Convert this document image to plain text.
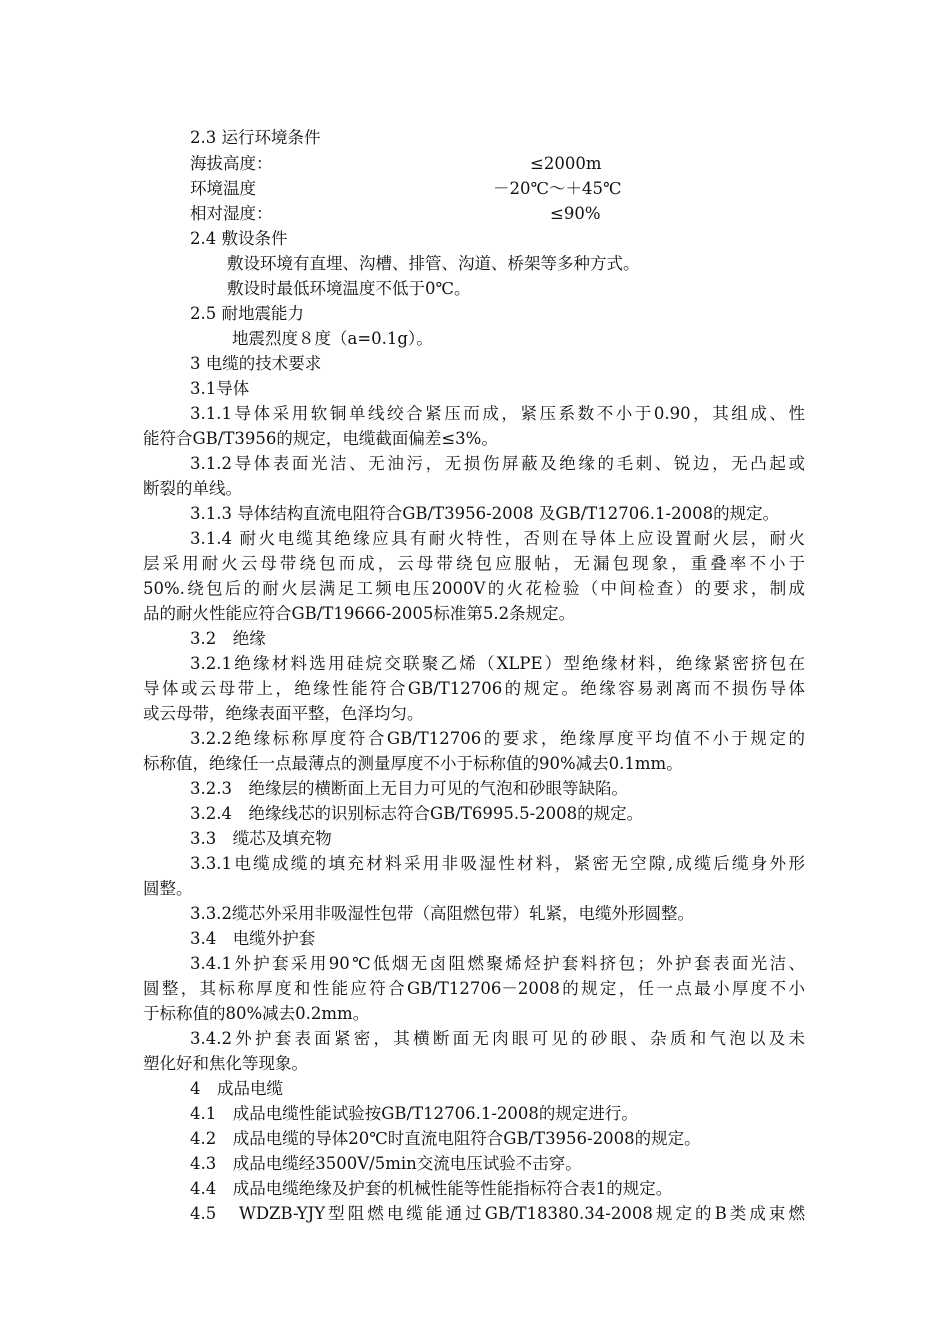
2.3 运行环境条件
海拔高度：	≤2000m
环境温度	－20℃～＋45℃
相对湿度：	≤90%
2.4 敷设条件
敷设环境有直埋、沟槽、排管、沟道、桥架等多种方式。
敷设时最低环境温度不低于0℃。
2.5 耐地震能力
地震烈度８度（a=0.1g）。
3 电缆的技术要求
3.1导体
3.1.1导体采用软铜单线绞合紧压而成，紧压系数不小于0.90，其组成、性
能符合GB/T3956的规定，电缆截面偏差≤3%。
3.1.2导体表面光洁、无油污，无损伤屏蔽及绝缘的毛刺、锐边，无凸起或
断裂的单线。
3.1.3 导体结构直流电阻符合GB/T3956-2008 及GB/T12706.1-2008的规定。
3.1.4 耐火电缆其绝缘应具有耐火特性，否则在导体上应设置耐火层，耐火
层采用耐火云母带绕包而成，云母带绕包应服帖，无漏包现象，重叠率不小于
50%.绕包后的耐火层满足工频电压2000V的火花检验（中间检查）的要求，制成
品的耐火性能应符合GB/T19666-2005标准第5.2条规定。
3.2　绝缘
3.2.1绝缘材料选用硅烷交联聚乙烯（XLPE）型绝缘材料，绝缘紧密挤包在
导体或云母带上，绝缘性能符合GB/T12706的规定。绝缘容易剥离而不损伤导体
或云母带，绝缘表面平整，色泽均匀。
3.2.2绝缘标称厚度符合GB/T12706的要求，绝缘厚度平均值不小于规定的
标称值，绝缘任一点最薄点的测量厚度不小于标称值的90%减去0.1mm。
3.2.3　绝缘层的横断面上无目力可见的气泡和砂眼等缺陷。
3.2.4　绝缘线芯的识别标志符合GB/T6995.5-2008的规定。
3.3　缆芯及填充物
3.3.1电缆成缆的填充材料采用非吸湿性材料，紧密无空隙,成缆后缆身外形
圆整。
3.3.2缆芯外采用非吸湿性包带（高阻燃包带）轧紧，电缆外形圆整。
3.4　电缆外护套
3.4.1外护套采用90℃低烟无卤阻燃聚烯烃护套料挤包；外护套表面光洁、
圆整，其标称厚度和性能应符合GB/T12706－2008的规定，任一点最小厚度不小
于标称值的80%减去0.2mm。
3.4.2外护套表面紧密，其横断面无肉眼可见的砂眼、杂质和气泡以及未
塑化好和焦化等现象。
4　成品电缆
4.1　成品电缆性能试验按GB/T12706.1-2008的规定进行。
4.2　成品电缆的导体20℃时直流电阻符合GB/T3956-2008的规定。
4.3　成品电缆经3500V/5min交流电压试验不击穿。
4.4　成品电缆绝缘及护套的机械性能等性能指标符合表1的规定。
4.5　WDZB-YJY型阻燃电缆能通过GB/T18380.34-2008规定的B类成束燃
